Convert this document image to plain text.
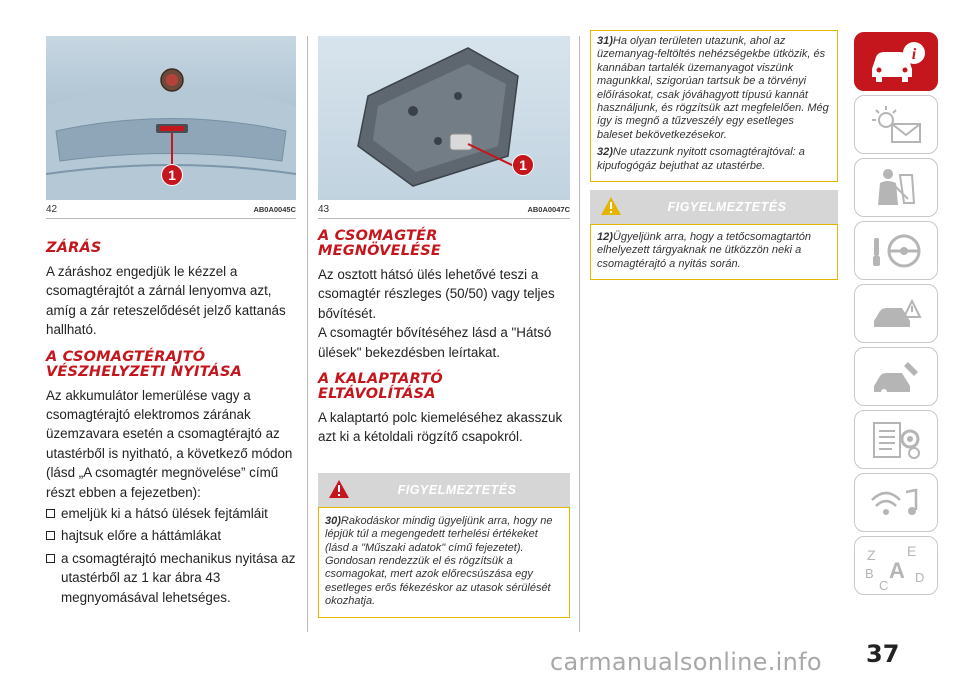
1
42	AB0A0045C
ZÁRÁS

A záráshoz engedjük le kézzel a csomagtérajtót a zárnál lenyomva azt, amíg a zár reteszelődését jelző kattanás hallható.

A CSOMAGTÉRAJTÓ
VÉSZHELYZETI NYITÁSA

Az akkumulátor lemerülése vagy a csomagtérajtó elektromos zárának üzemzavara esetén a csomagtérajtó az utastérből is nyitható, a következő módon (lásd „A csomagtér megnövelése” című részt ebben a fejezetben):

emeljük ki a hátsó ülések fejtámláit
hajtsuk előre a háttámlákat
a csomagtérajtó mechanikus nyitása az utastérből az 1 kar ábra 43 megnyomásával lehetséges.
1
43	AB0A0047C
A CSOMAGTÉR
MEGNÖVELÉSE

Az osztott hátsó ülés lehetővé teszi a csomagtér részleges (50/50) vagy teljes bővítését.

A csomagtér bővítéséhez lásd a "Hátsó ülések" bekezdésben leírtakat.

A KALAPTARTÓ
ELTÁVOLÍTÁSA

A kalaptartó polc kiemeléséhez akasszuk azt ki a kétoldali rögzítő csapokról.

FIGYELMEZTETÉS

30)Rakodáskor mindig ügyeljünk arra, hogy ne lépjük túl a megengedett terhelési értékeket (lásd a "Műszaki adatok" című fejezetet). Gondosan rendezzük el és rögzítsük a csomagokat, mert azok előrecsúszása egy esetleges erős fékezéskor az utasok sérülését okozhatja.

31)Ha olyan területen utazunk, ahol az üzemanyag-feltöltés nehézségekbe ütközik, és kannában tartalék üzemanyagot viszünk magunkkal, szigorúan tartsuk be a törvényi előírásokat, csak jóváhagyott típusú kannát használjunk, és rögzítsük azt megfelelően. Még így is megnő a tűzveszély egy esetleges baleset bekövetkezésekor.

32)Ne utazzunk nyitott csomagtérajtóval: a kipufogógáz bejuthat az utastérbe.

FIGYELMEZTETÉS

12)Ügyeljünk arra, hogy a tetőcsomagtartón elhelyezett tárgyaknak ne ütközzön neki a csomagtérajtó a nyitás során.

i
Z E
B A
C
D
37
carmanualsonline.info
